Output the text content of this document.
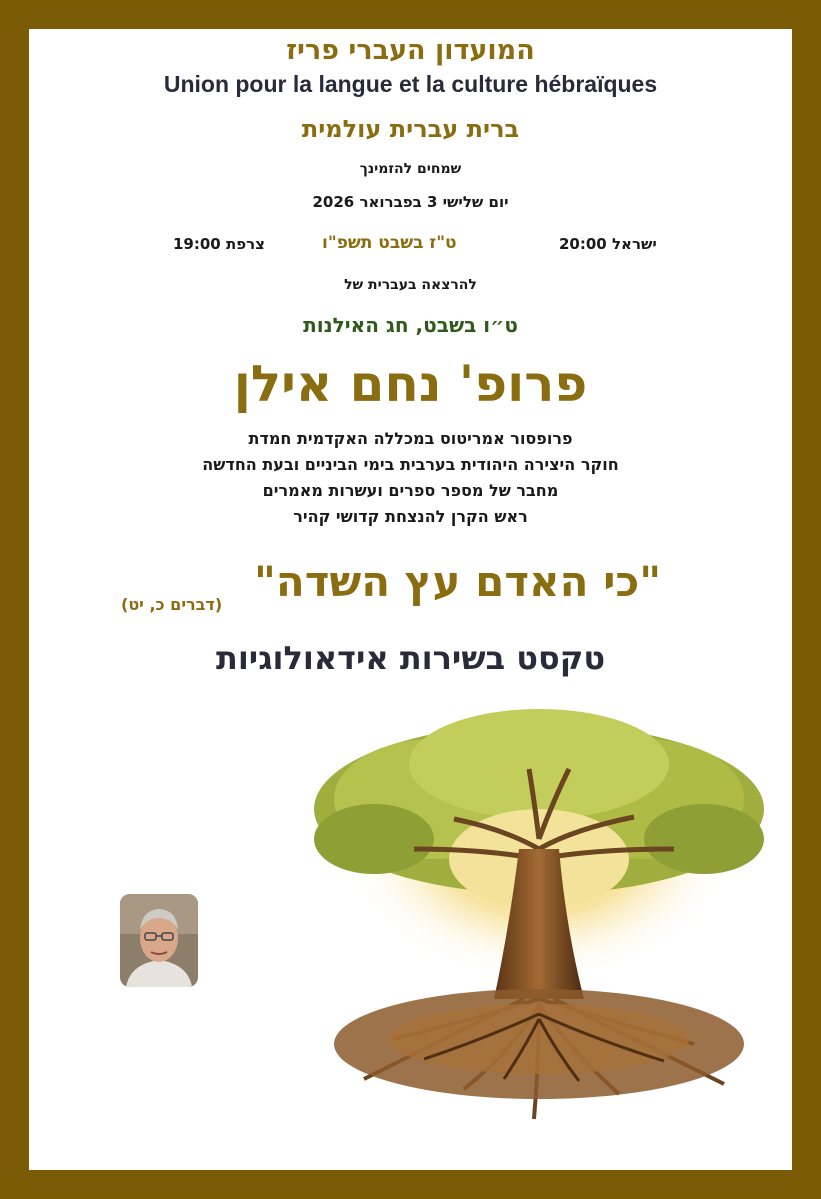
המועדון העברי פריז
Union pour la langue et la culture hébraïques
ברית עברית עולמית
שמחים להזמינך
יום שלישי 3 בפברואר 2026
20:00 ישראל
ט"ז בשבט תשפ"ו
19:00 צרפת
להרצאה בעברית של
ט״ו בשבט, חג האילנות
פרופ' נחם אילן
פרופסור אמריטוס במכללה האקדמית חמדת
חוקר היצירה היהודית בערבית בימי הביניים ובעת החדשה
מחבר של מספר ספרים ועשרות מאמרים
ראש הקרן להנצחת קדושי קהיר
"כי האדם עץ השדה"
(דברים כ, יט)
טקסט בשירות אידאולוגיות
